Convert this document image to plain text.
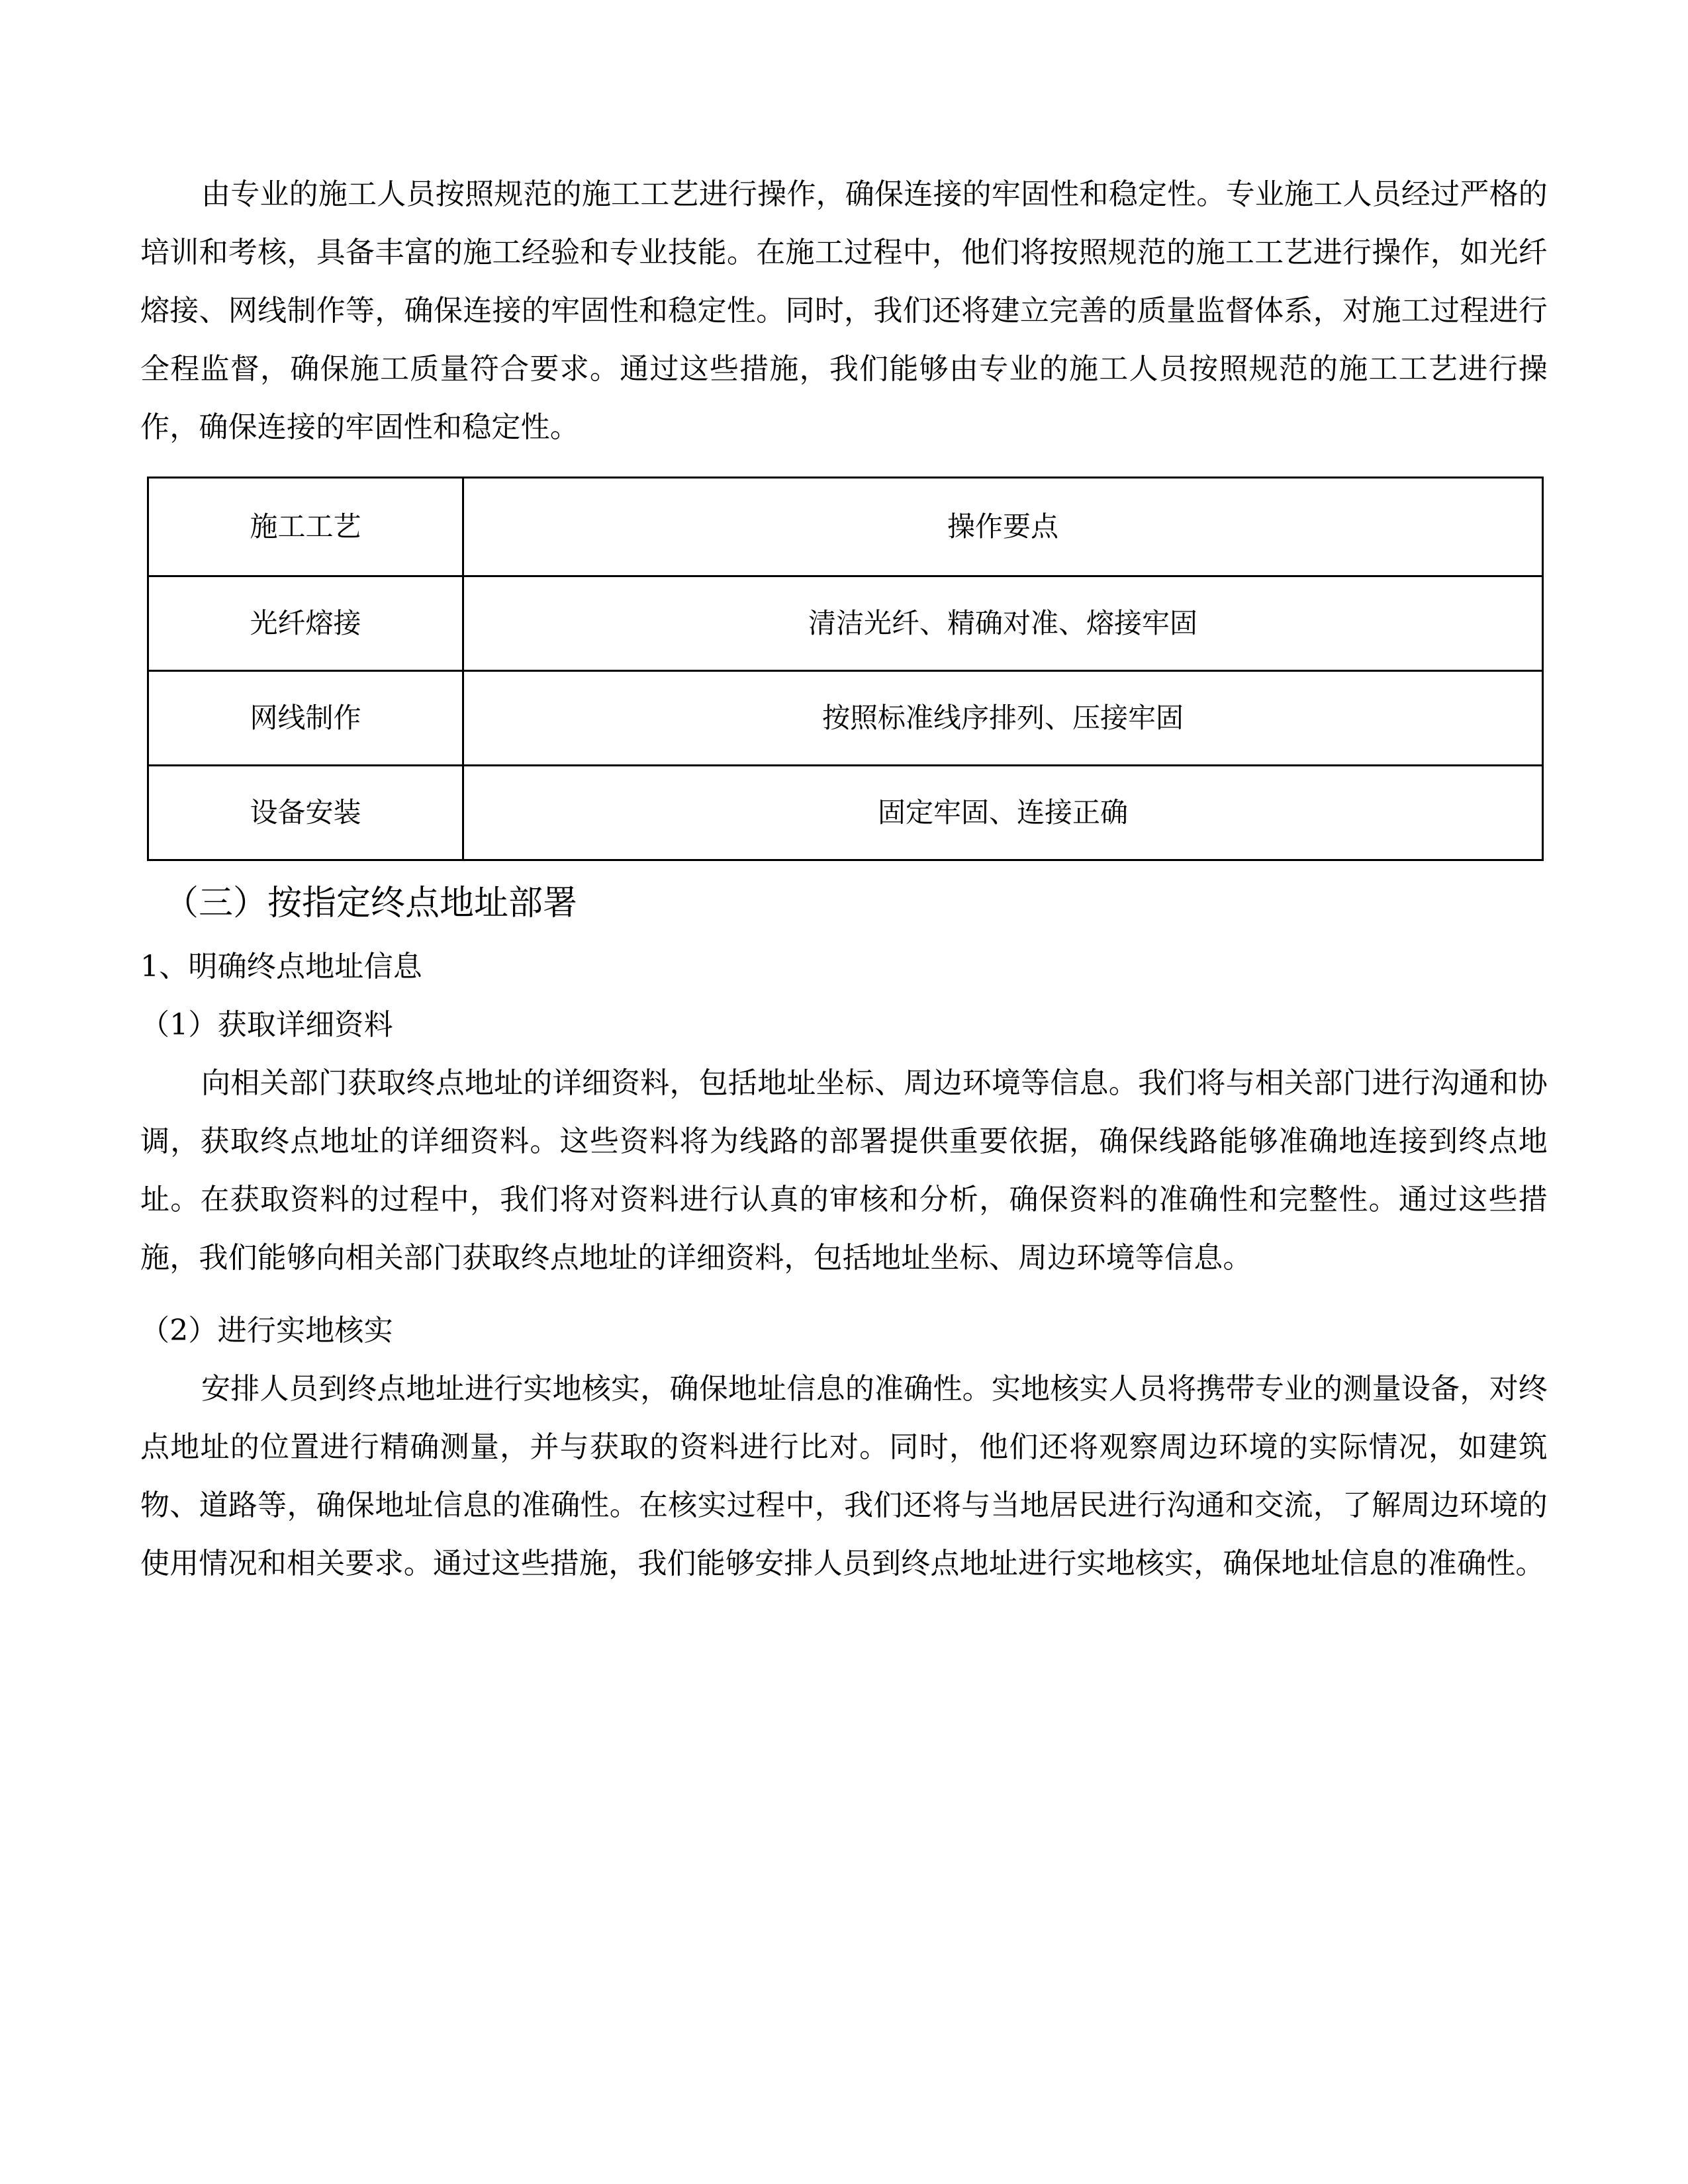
由专业的施工人员按照规范的施工工艺进行操作，确保连接的牢固性和稳定性。专业施工人员经过严格的培训和考核，具备丰富的施工经验和专业技能。在施工过程中，他们将按照规范的施工工艺进行操作，如光纤熔接、网线制作等，确保连接的牢固性和稳定性。同时，我们还将建立完善的质量监督体系，对施工过程进行全程监督，确保施工质量符合要求。通过这些措施，我们能够由专业的施工人员按照规范的施工工艺进行操作，确保连接的牢固性和稳定性。

施工工艺	操作要点
光纤熔接	清洁光纤、精确对准、熔接牢固
网线制作	按照标准线序排列、压接牢固
设备安装	固定牢固、连接正确
（三）按指定终点地址部署

1、明确终点地址信息

（1）获取详细资料

向相关部门获取终点地址的详细资料，包括地址坐标、周边环境等信息。我们将与相关部门进行沟通和协调，获取终点地址的详细资料。这些资料将为线路的部署提供重要依据，确保线路能够准确地连接到终点地址。在获取资料的过程中，我们将对资料进行认真的审核和分析，确保资料的准确性和完整性。通过这些措施，我们能够向相关部门获取终点地址的详细资料，包括地址坐标、周边环境等信息。

（2）进行实地核实

安排人员到终点地址进行实地核实，确保地址信息的准确性。实地核实人员将携带专业的测量设备，对终点地址的位置进行精确测量，并与获取的资料进行比对。同时，他们还将观察周边环境的实际情况，如建筑物、道路等，确保地址信息的准确性。在核实过程中，我们还将与当地居民进行沟通和交流，了解周边环境的使用情况和相关要求。通过这些措施，我们能够安排人员到终点地址进行实地核实，确保地址信息的准确性。
